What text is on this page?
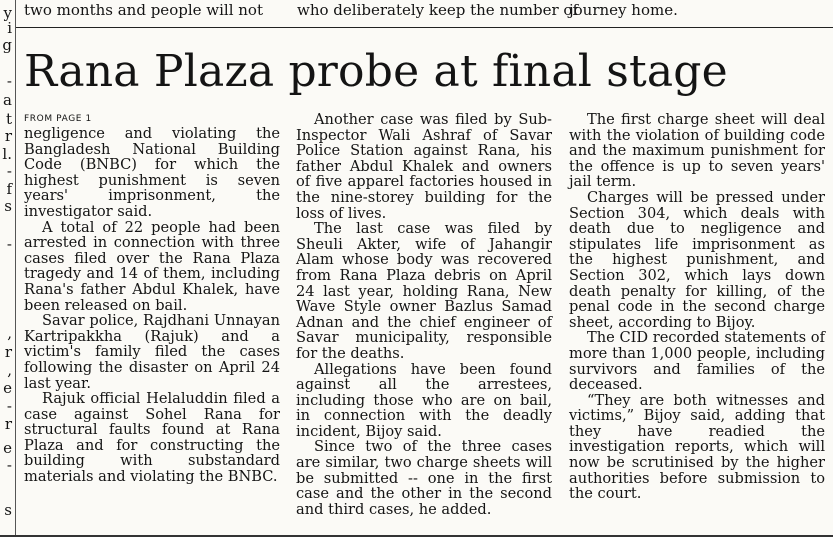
two months and people will not who deliberately keep the number of
journey home.
y
i
g
-
a
t
r
l.
-
f
s
-
,
r
,
e
-
r
e
-
s
Rana Plaza probe at final stage
FROM PAGE 1

negligence and violating the Bangladesh National Building Code (BNBC) for which the highest punishment is seven years' imprisonment, the investigator said.

A total of 22 people had been arrested in connection with three cases filed over the Rana Plaza tragedy and 14 of them, including Rana's father Abdul Khalek, have been released on bail.

Savar police, Rajdhani Unnayan Kartripakkha (Rajuk) and a victim's family filed the cases following the disaster on April 24 last year.

Rajuk official Helaluddin filed a case against Sohel Rana for structural faults found at Rana Plaza and for constructing the building with substandard materials and violating the BNBC.

Another case was filed by Sub-Inspector Wali Ashraf of Savar Police Station against Rana, his father Abdul Khalek and owners of five apparel factories housed in the nine-storey building for the loss of lives.

The last case was filed by Sheuli Akter, wife of Jahangir Alam whose body was recovered from Rana Plaza debris on April 24 last year, holding Rana, New Wave Style owner Bazlus Samad Adnan and the chief engineer of Savar municipality, responsible for the deaths.

Allegations have been found against all the arrestees, including those who are on bail, in connection with the deadly incident, Bijoy said.

Since two of the three cases are similar, two charge sheets will be submitted -- one in the first case and the other in the second and third cases, he added.

The first charge sheet will deal with the violation of building code and the maximum punishment for the offence is up to seven years' jail term.

Charges will be pressed under Section 304, which deals with death due to negligence and stipulates life imprisonment as the highest punishment, and Section 302, which lays down death penalty for killing, of the penal code in the second charge sheet, according to Bijoy.

The CID recorded statements of more than 1,000 people, including survivors and families of the deceased.

“They are both witnesses and victims,” Bijoy said, adding that they have readied the investigation reports, which will now be scrutinised by the higher authorities before submission to the court.
